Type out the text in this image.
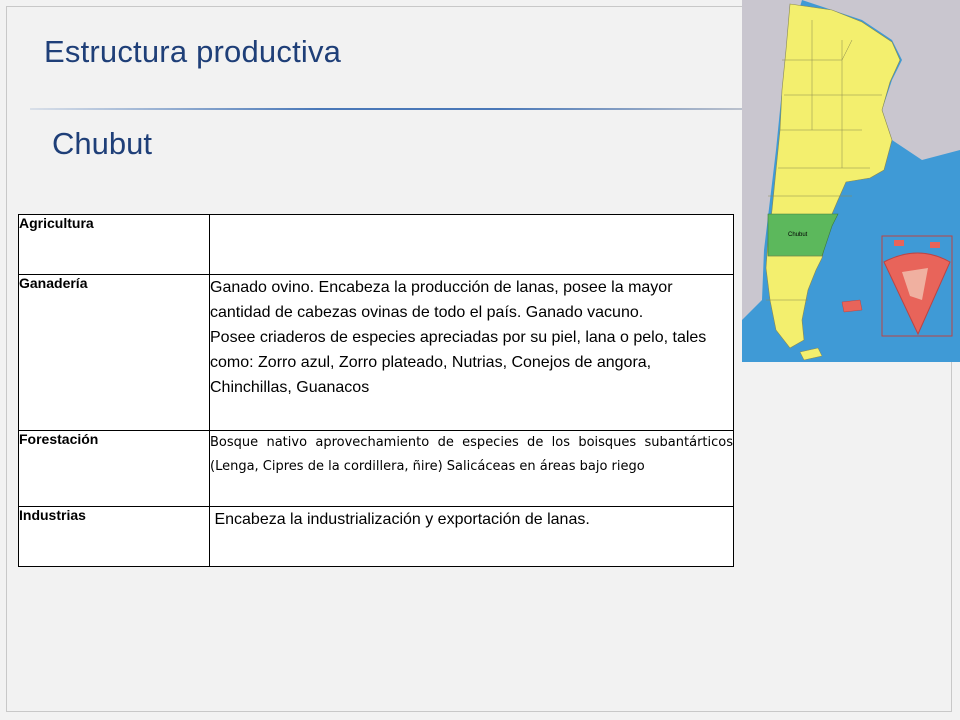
Estructura productiva
Chubut
Agricultura	
Ganadería	Ganado ovino. Encabeza la producción de lanas, posee la mayor cantidad de cabezas ovinas de todo el país. Ganado vacuno.
Posee criaderos de especies apreciadas por su piel, lana o pelo, tales como: Zorro azul, Zorro plateado, Nutrias, Conejos de angora, Chinchillas, Guanacos

Forestación	Bosque nativo aprovechamiento de especies de los boisques subantárticos (Lenga, Cipres de la cordillera, ñire) Salicáceas en áreas bajo riego

Industrias	Encabeza la industrialización y exportación de lanas.
Chubut
